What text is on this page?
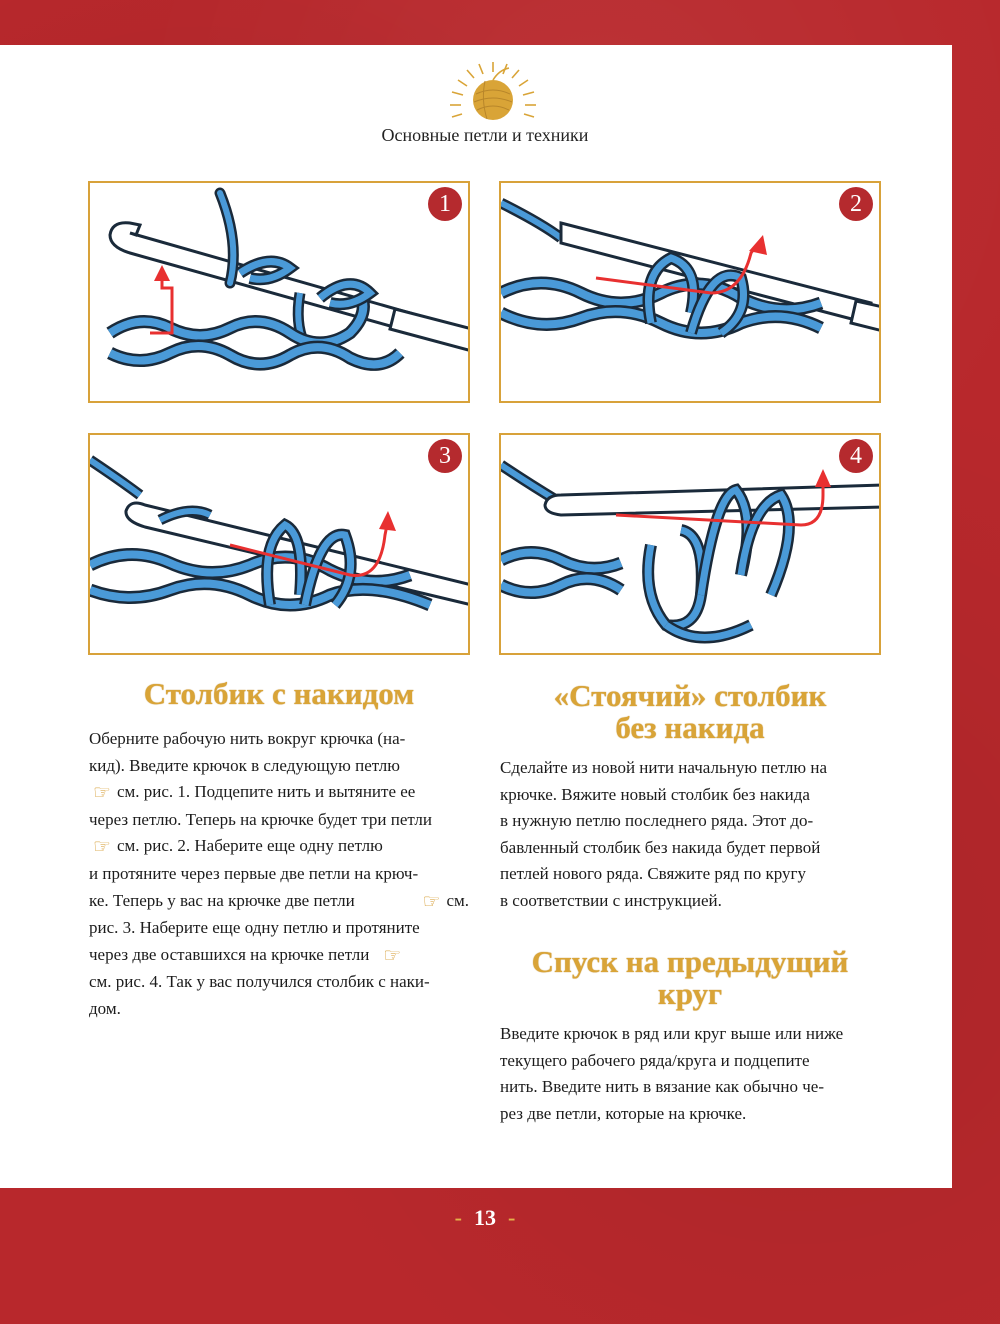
Основные петли и техники
1	2
3	4
Столбик с накидом
Оберните рабочую нить вокруг крючка (на-
кид). Введите крючок в следующую петлю
☞ см. рис. 1. Подцепите нить и вытяните ее
через петлю. Теперь на крючке будет три петли
☞ см. рис. 2. Наберите еще одну петлю
и протяните через первые две петли на крюч-
ке. Теперь у вас на крючке две петли	☞ см.
рис. 3. Наберите еще одну петлю и протяните
через две оставшихся на крючке петли ☞
см. рис. 4. Так у вас получился столбик с наки-
дом.
«Стоячий» столбик
без накида
Сделайте из новой нити начальную петлю на
крючке. Вяжите новый столбик без накида
в нужную петлю последнего ряда. Этот до-
бавленный столбик без накида будет первой
петлей нового ряда. Свяжите ряд по кругу
в соответствии с инструкцией.
Спуск на предыдущий
круг
Введите крючок в ряд или круг выше или ниже
текущего рабочего ряда/круга и подцепите
нить. Введите нить в вязание как обычно че-
рез две петли, которые на крючке.
- 13 -
